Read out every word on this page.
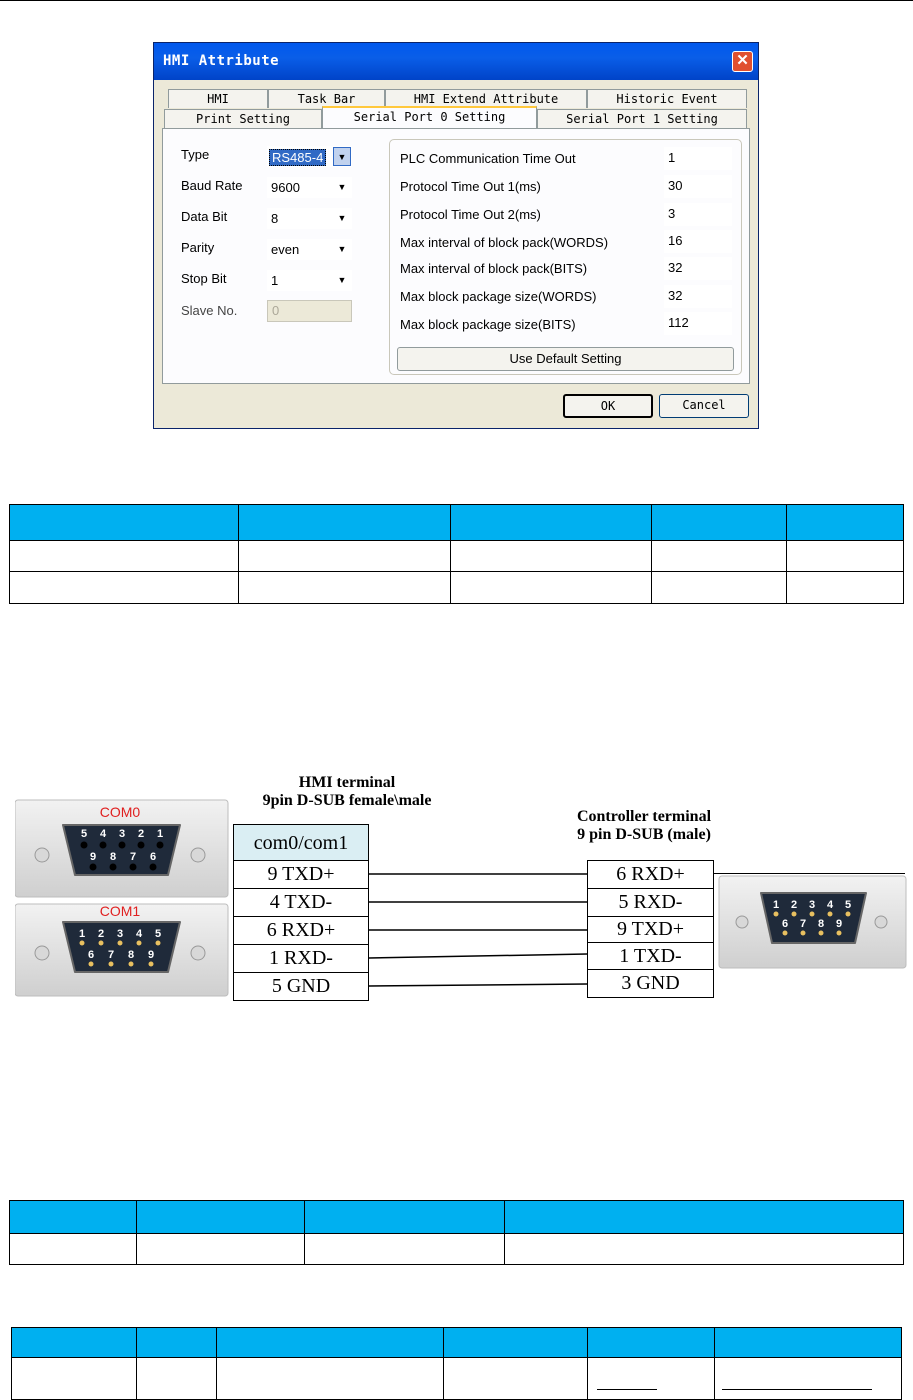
HMI Attribute	✕
HMI	Task Bar	HMI Extend Attribute	Historic Event
Print Setting	Serial Port 0 Setting	Serial Port 1 Setting
Type	RS485-4	▼
Baud Rate 9600	▼
Data Bit	8	▼
Parity	even	▼
Stop Bit	1	▼
Slave No.	0
PLC Communication Time Out	1
Protocol Time Out 1(ms)	30
Protocol Time Out 2(ms)	3
Max interval of block pack(WORDS)	16
Max interval of block pack(BITS)	32
Max block package size(WORDS)	32
Max block package size(BITS)	112
Use Default Setting
OK	Cancel

HMI terminal
9pin D-SUB female\male
Controller terminal
9 pin D-SUB (male)
COM0
5 4 3 2 1
9 8 7 6
COM1
1 2 3 4 5
6 7 8 9
1 2 3 4 5
6 7 8 9
com0/com1
9 TXD+
4 TXD-
6 RXD+
1 RXD-
5 GND
6 RXD+
5 RXD-
9 TXD+
1 TXD-
3 GND
